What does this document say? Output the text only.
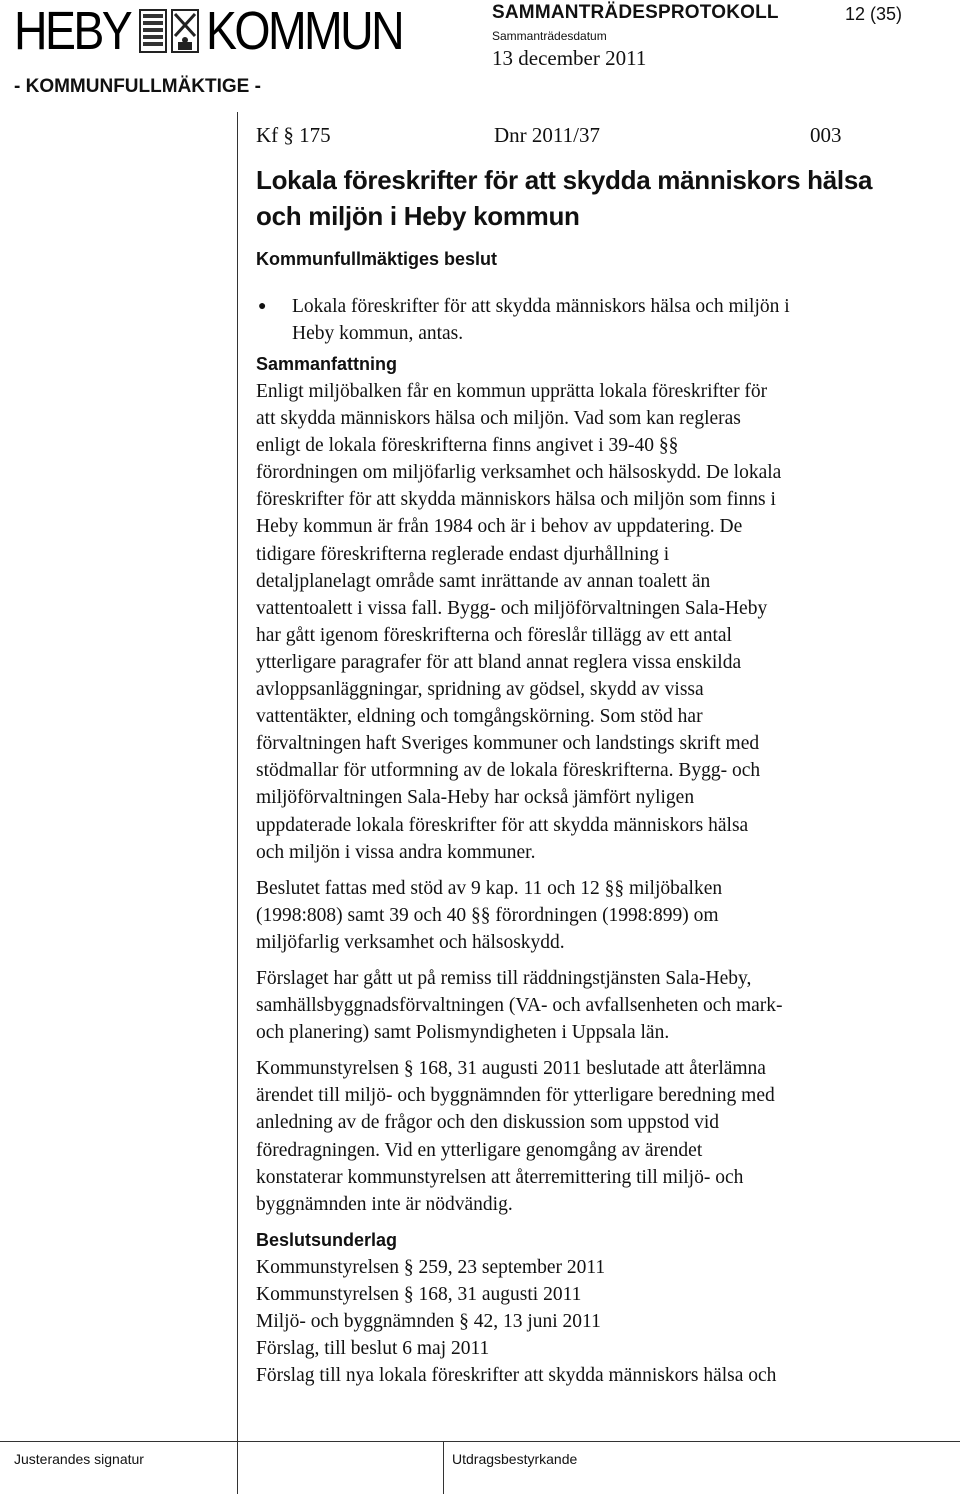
HEBY KOMMUN
- KOMMUNFULLMÄKTIGE -
SAMMANTRÄDESPROTOKOLL	12 (35)
Sammanträdesdatum
13 december 2011
Kf § 175	Dnr 2011/37	003
Lokala föreskrifter för att skydda människors hälsa
och miljön i Heby kommun
Kommunfullmäktiges beslut
●	Lokala föreskrifter för att skydda människors hälsa och miljön i
Heby kommun, antas.
Sammanfattning

Enligt miljöbalken får en kommun upprätta lokala föreskrifter för
att skydda människors hälsa och miljön. Vad som kan regleras
enligt de lokala föreskrifterna finns angivet i 39-40 §§
förordningen om miljöfarlig verksamhet och hälsoskydd. De lokala
föreskrifter för att skydda människors hälsa och miljön som finns i
Heby kommun är från 1984 och är i behov av uppdatering. De
tidigare föreskrifterna reglerade endast djurhållning i
detaljplanelagt område samt inrättande av annan toalett än
vattentoalett i vissa fall. Bygg- och miljöförvaltningen Sala-Heby
har gått igenom föreskrifterna och föreslår tillägg av ett antal
ytterligare paragrafer för att bland annat reglera vissa enskilda
avloppsanläggningar, spridning av gödsel, skydd av vissa
vattentäkter, eldning och tomgångskörning. Som stöd har
förvaltningen haft Sveriges kommuner och landstings skrift med
stödmallar för utformning av de lokala föreskrifterna. Bygg- och
miljöförvaltningen Sala-Heby har också jämfört nyligen
uppdaterade lokala föreskrifter för att skydda människors hälsa
och miljön i vissa andra kommuner.

Beslutet fattas med stöd av 9 kap. 11 och 12 §§ miljöbalken
(1998:808) samt 39 och 40 §§ förordningen (1998:899) om
miljöfarlig verksamhet och hälsoskydd.

Förslaget har gått ut på remiss till räddningstjänsten Sala-Heby,
samhällsbyggnadsförvaltningen (VA- och avfallsenheten och mark-
och planering) samt Polismyndigheten i Uppsala län.

Kommunstyrelsen § 168, 31 augusti 2011 beslutade att återlämna
ärendet till miljö- och byggnämnden för ytterligare beredning med
anledning av de frågor och den diskussion som uppstod vid
föredragningen. Vid en ytterligare genomgång av ärendet
konstaterar kommunstyrelsen att återremittering till miljö- och
byggnämnden inte är nödvändig.

Beslutsunderlag
Kommunstyrelsen § 259, 23 september 2011
Kommunstyrelsen § 168, 31 augusti 2011
Miljö- och byggnämnden § 42, 13 juni 2011
Förslag, till beslut 6 maj 2011
Förslag till nya lokala föreskrifter att skydda människors hälsa och
Justerandes signatur	Utdragsbestyrkande
